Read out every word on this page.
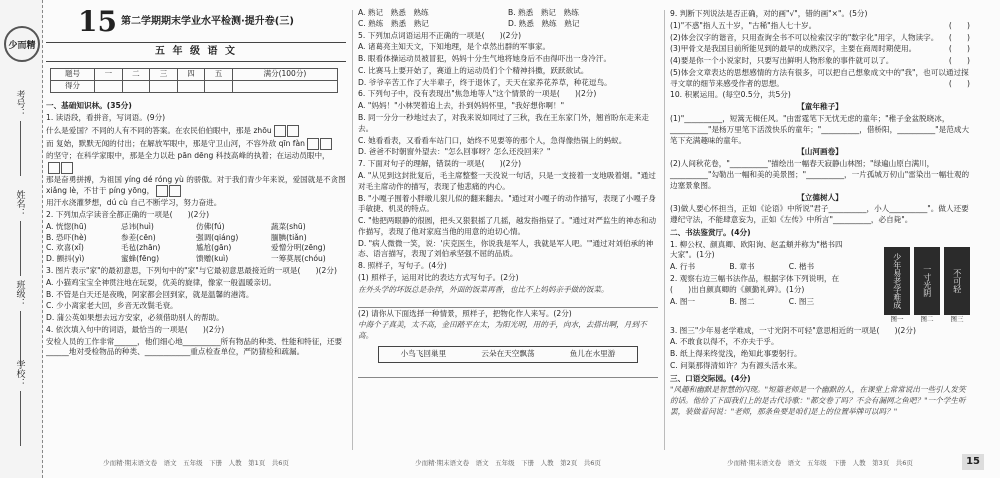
少而精
考号：
姓名：
班级：
学校：
15 第二学期期末学业水平检测·提升卷(三)
五 年 级 语 文
题号	一	二	三	四	五	满分(100分)
得分						
一、基础知识林。(35分)
1. 读语段，看拼音，写词语。(9分)
什么是爱国？不同的人有不同的答案。在农民伯伯眼中，那是 zhōu
而 复始，默默无闻的付出；在解放军眼中，那是守卫山河，不容外敌 qīn fàn
的坚守；在科学家眼中，那是全力以赴 pān dēng 科技高峰的执着；在运动员眼中，
那是奋勇拼搏，为祖国 yíng dé róng yù 的骄傲。对于我们青少年来说，爱国就是不贪图 xiǎng lè，不甘于 píng yōng，
用汗水浇灌梦想，dú cù 自己不断学习，努力奋进。
2. 下列加点字读音全都正确的一项是(　　)(2分)
A. 恍惚(hū)	忌讳(huì)	仿佛(fú)	蔬菜(shū)
B. 恐吓(hè)	参差(cēn)	强调(qiáng)	腼腆(tiǎn)
C. 欢喜(xǐ)	毛毡(zhān)	尴尬(gān)	爱憎分明(zēng)
D. 颤抖(yì)	蜜蜂(fēng)	馈赠(kuì)	一筹莫展(chóu)
3. 图片表示"家"的最初意思，下列句中的"家"与它最初意思最接近的一项是(　　)(2分)
A. 小猫鸡宝宝全神贯注地在玩耍，优美的旋律，像家一般温暖亲切。
B. 不管是白天还是夜晚，阿家都会回到家，就是温馨的港湾。
C. 少小离家老大回，乡音无改鬓毛衰。
D. 蒲公英如果想去远方安家，必须借助别人的帮助。
4. 依次填入句中的词语，最恰当的一项是(　　)(2分)
安检人员的工作非常______，他们细心地__________所有物品的种类、性能和特征，还要______地对受检物品的种类、____________重点检查单位，严防猜检和疏漏。
少而精·期末语文卷　语文　五年级　下册　人教　第1页　共6页
A. 熟记　熟悉　熟练	B. 熟悉　熟记　熟练
C. 熟练　熟悉　熟记	D. 熟悉　熟练　熟记
5. 下列加点词语运用不正确的一项是(　　)(2分)
A. 诸葛亮主知天文，下知地理，是个卓然出群的军事家。
B. 眼看体操运动员被冒犯，妈妈十分生气地将她身后不由得吓出一身冷汗。
C. 比赛马上要开始了，赛道上的运动员们个个精神抖擞，跃跃欲试。
D. 爷爷辛苦工作了大半辈子，终于退休了，天天在家养花养草，种花逗鸟。
6. 下列句子中，没有表现出"焦急地等人"这个情景的一项是(　　)(2分)
A. "妈妈！"小林哭着追上去，扑到妈妈怀里，"我好想你啊！"
B. 同一分分一秒地过去了，对我来说如同过了三秋，我在王东家门外，翘首盼东走来走去。
C. 她看看表，又看看车站门口，始终不见要等的那个人，急得像热锅上的蚂蚁。
D. 爸爸不时朝窗外望去："怎么回事呀？怎么还没回来？"
7. 下面对句子的理解，错误的一项是(　　)(2分)
A. "从见到这封批复后，毛主席整整一天没说一句话，只是一支接着一支地吸着烟。"通过对毛主席动作的描写，表现了他悲痛的内心。
B. "小嘎子围着小胖墩儿狠儿似的翻来翻去。"通过对小嘎子的动作描写，表现了小嘎子身手敏捷、机灵的特点。
C. "他把两眼静的很圆，把头又狠狠摇了几摇，越发指指昼了。"通过对严监生的神态和动作描写，表现了他对家庭当他的用意的迫切心情。
D. "病人微微一笑，说：'庆克医生，你说我是军人，我就是军人吧。'"通过对刘伯承的神态、语言描写，表现了刘伯承坚强不屈的品质。
8. 照样子，写句子。(4分)
(1) 照样子，运用对比的表达方式写句子。(2分)
在外头学的坏饭总是杂拌，外面的饭菜再香，也比不上妈妈亲手做的饭菜。
(2) 请你从下面选择一种情景，照样子，把物化作人来写。(2分)
中海个子真美，太不高，金田踏平在太，为阳光明，用的手，向水，去搭出啊，月到不高。
小鸟飞回巢里	云朵在天空飘荡	鱼儿在水里游
少而精·期末语文卷　语文　五年级　下册　人教　第2页　共6页
9. 判断下列说法是否正确，对的画"√"，错的画"×"。(5分)
(1)"不惑"指人五十岁，"古稀"指人七十岁。	(　　)
(2)体会汉字的谐音，只用查询全书不可以检索汉字的"数字化"用字，人物读字。 (　　)
(3)甲骨文是我国目前所能见到的最早的成熟汉字，主要在商周时期使用。	(　　)
(4)要是你一个小说家时，只要写出鲜明人物形象的事件就可以了。	(　　)
(5)体会文章表达的思想感情的方法有很多，可以把自己想象成文中的"我"，也可以通过探寻文章的细节来感受作者的思想。	(　　)
10. 积累运用。(每空0.5分，共5分)
【童年稚子】
(1)"__________，短篙无楫任风。"由雷霆笔下无忧无虑的童年；"稚子金盆脱晓冰，__________"是杨万里笔下活泼快乐的童年；"__________，借桥阳，__________"是范成大笔下充满趣味的童年。
【山河画卷】
(2)人间秋花卷，"__________"描绘出一幅春天寂静山林图；"绿遍山原白满川，__________"勾勒出一幅和美的美景图；"__________，一片孤城万仞山"雷染出一幅壮观的边塞景象图。
【立德树人】
(3)做人要心怀担当，正如《论语》中所说"君子__________，小人__________"。做人还要遵纪守法，不能肆意妄为，正如《左传》中所言"__________，必自毙"。
二、书法鉴赏厅。(4分)
1. 柳公权、颜真卿、欧阳询、赵孟頫并称为"楷书四大家"。(1分)
A. 行书	B. 章书	C. 楷书
2. 观察右边三幅书法作品，根据字体下列说明，在(　　)出自颜真卿的《颜勤礼碑》。(1分)
A. 图一	B. 图二	C. 图三	少年易老学难成	一寸光阴	不可轻
图一	图二	图三
3. 图三"少年易老学难成，一寸光阴不可轻"意思相近的一项是(　　)(2分)
A. 不敢食以得不，不亦夫于乎。
B. 纸上得来终觉浅，绝知此事要躬行。
C. 问渠那得清如许？为有源头活水来。
三、口语交际园。(4分)
"风趣和幽默是智慧的闪现。"短篇老师是一个幽默的人，在课堂上常常说出一些引人发笑的话。他给了下面我们上的是古代诗歌："都交卷了吗？不会有漏网之鱼吧？"一个学生听罢，装做着问说："老师，那条鱼要是咱们是上的位置举牌可以吗？"
少而精·期末语文卷　语文　五年级　下册　人教　第3页　共6页	15
